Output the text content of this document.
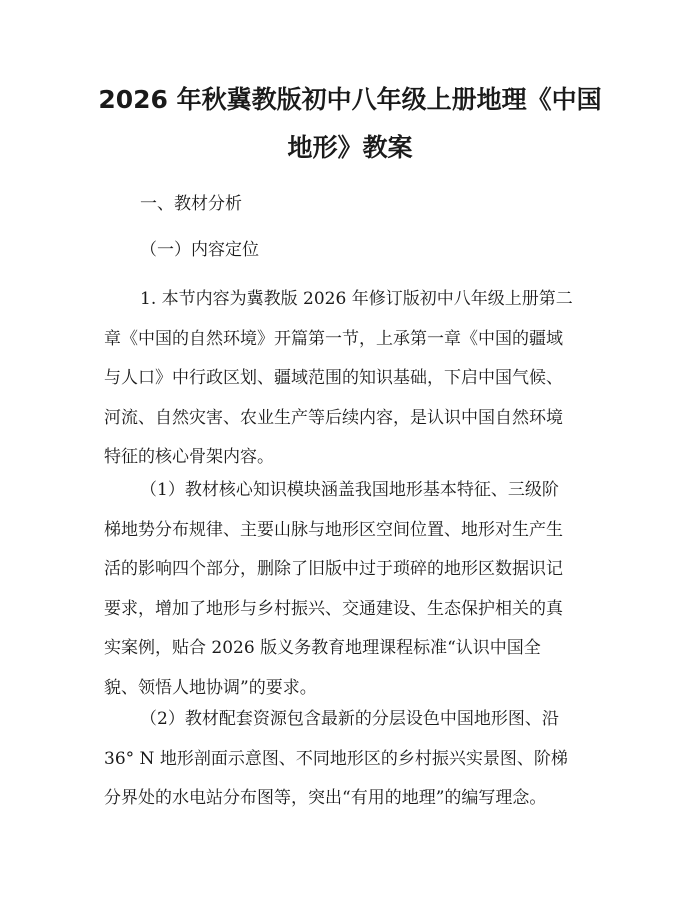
2026 年秋冀教版初中八年级上册地理《中国
地形》教案
一、教材分析
（一）内容定位
1. 本节内容为冀教版 2026 年修订版初中八年级上册第二
章《中国的自然环境》开篇第一节，上承第一章《中国的疆域
与人口》中行政区划、疆域范围的知识基础，下启中国气候、
河流、自然灾害、农业生产等后续内容，是认识中国自然环境
特征的核心骨架内容。
（1）教材核心知识模块涵盖我国地形基本特征、三级阶
梯地势分布规律、主要山脉与地形区空间位置、地形对生产生
活的影响四个部分，删除了旧版中过于琐碎的地形区数据识记
要求，增加了地形与乡村振兴、交通建设、生态保护相关的真
实案例，贴合 2026 版义务教育地理课程标准“认识中国全
貌、领悟人地协调”的要求。
（2）教材配套资源包含最新的分层设色中国地形图、沿
36° N 地形剖面示意图、不同地形区的乡村振兴实景图、阶梯
分界处的水电站分布图等，突出“有用的地理”的编写理念。
